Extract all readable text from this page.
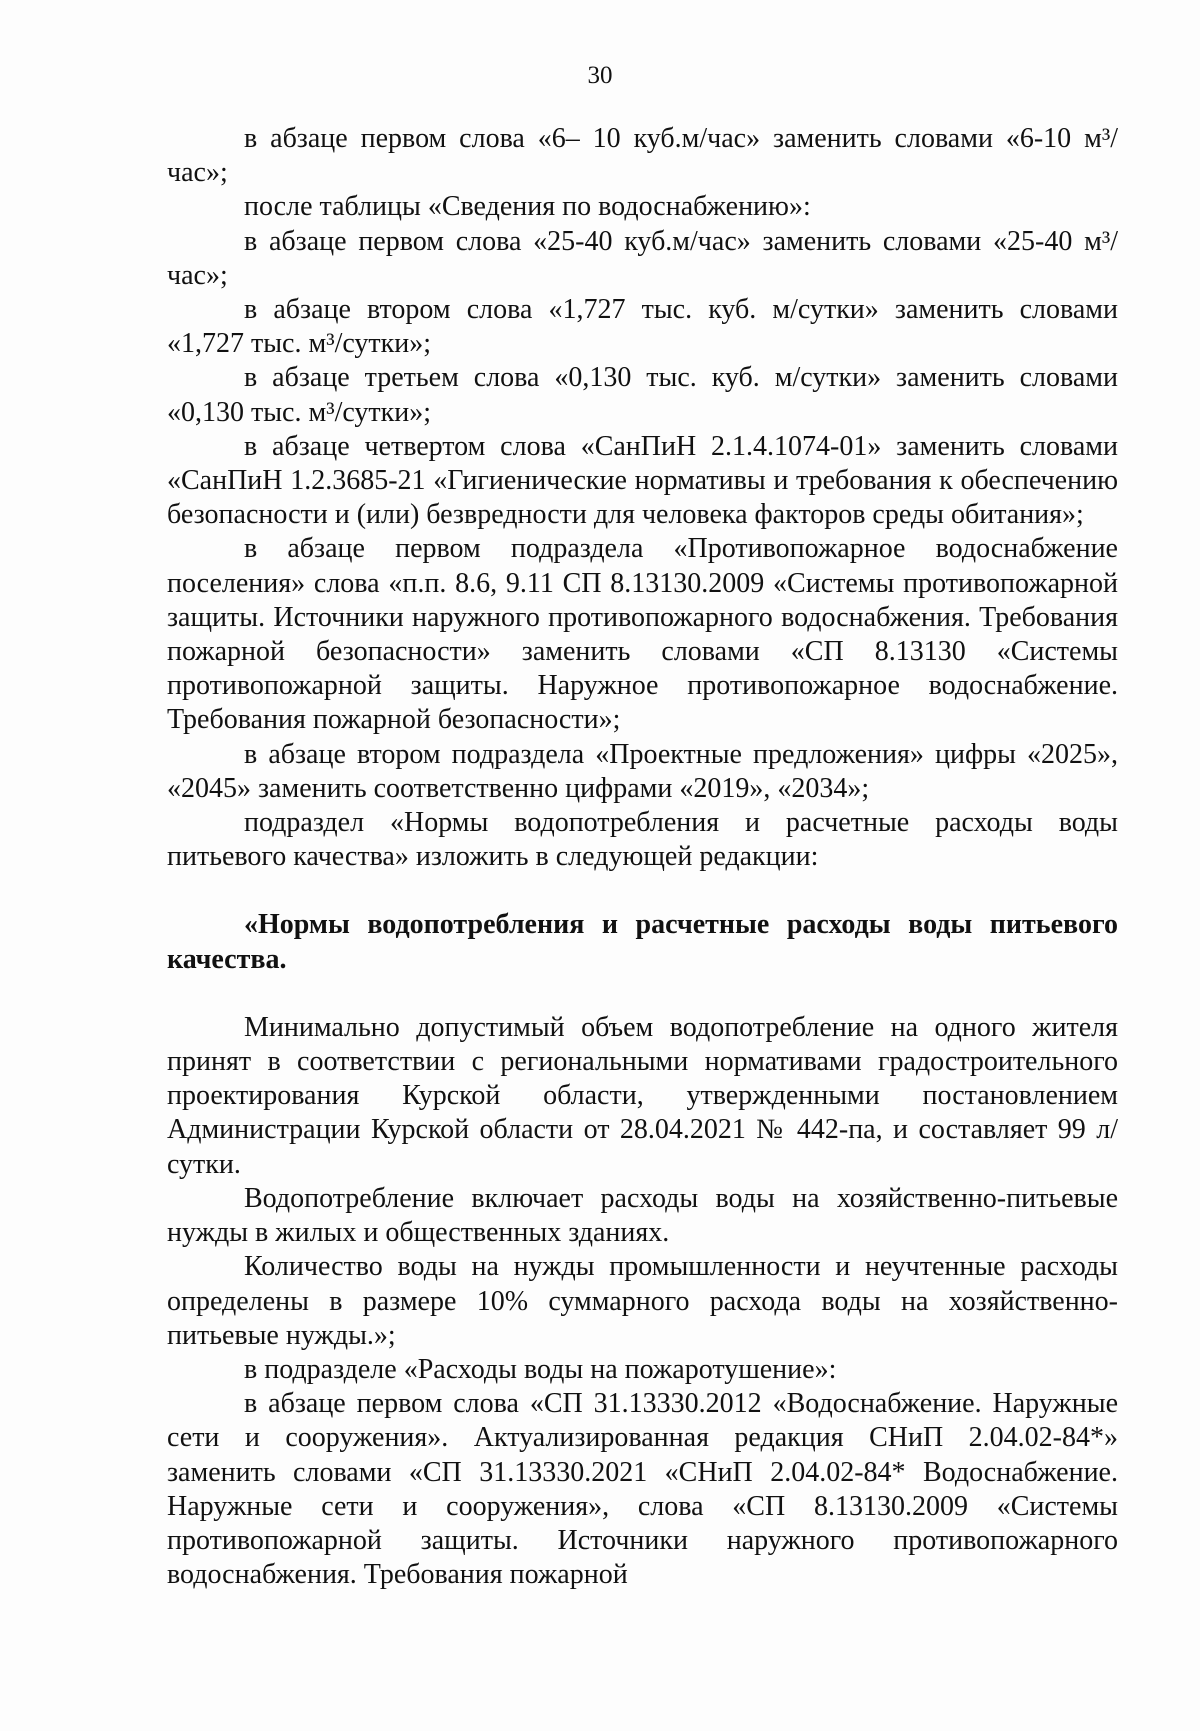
30

в абзаце первом слова «6– 10 куб.м/час» заменить словами «6-10 м³/час»;

после таблицы «Сведения по водоснабжению»:

в абзаце первом слова «25-40 куб.м/час» заменить словами «25-40 м³/час»;

в абзаце втором слова «1,727 тыс. куб. м/сутки» заменить словами «1,727 тыс. м³/сутки»;

в абзаце третьем слова «0,130 тыс. куб. м/сутки» заменить словами «0,130 тыс. м³/сутки»;

в абзаце четвертом слова «СанПиН 2.1.4.1074-01» заменить словами «СанПиН 1.2.3685-21 «Гигиенические нормативы и требования к обеспечению безопасности и (или) безвредности для человека факторов среды обитания»;

в абзаце первом подраздела «Противопожарное водоснабжение поселения» слова «п.п. 8.6, 9.11 СП 8.13130.2009 «Системы противопожарной защиты. Источники наружного противопожарного водоснабжения. Требования пожарной безопасности» заменить словами «СП 8.13130 «Системы противопожарной защиты. Наружное противопожарное водоснабжение. Требования пожарной безопасности»;

в абзаце втором подраздела «Проектные предложения» цифры «2025», «2045» заменить соответственно цифрами «2019», «2034»;

подраздел «Нормы водопотребления и расчетные расходы воды питьевого качества» изложить в следующей редакции:

«Нормы водопотребления и расчетные расходы воды питьевого качества.

Минимально допустимый объем водопотребление на одного жителя принят в соответствии с региональными нормативами градостроительного проектирования Курской области, утвержденными постановлением Администрации Курской области от 28.04.2021 № 442-па, и составляет 99 л/сутки.

Водопотребление включает расходы воды на хозяйственно-питьевые нужды в жилых и общественных зданиях.

Количество воды на нужды промышленности и неучтенные расходы определены в размере 10% суммарного расхода воды на хозяйственно-питьевые нужды.»;

в подразделе «Расходы воды на пожаротушение»:

в абзаце первом слова «СП 31.13330.2012 «Водоснабжение. Наружные сети и сооружения». Актуализированная редакция СНиП 2.04.02-84*» заменить словами «СП 31.13330.2021 «СНиП 2.04.02-84* Водоснабжение. Наружные сети и сооружения», слова «СП 8.13130.2009 «Системы противопожарной защиты. Источники наружного противопожарного водоснабжения. Требования пожарной
